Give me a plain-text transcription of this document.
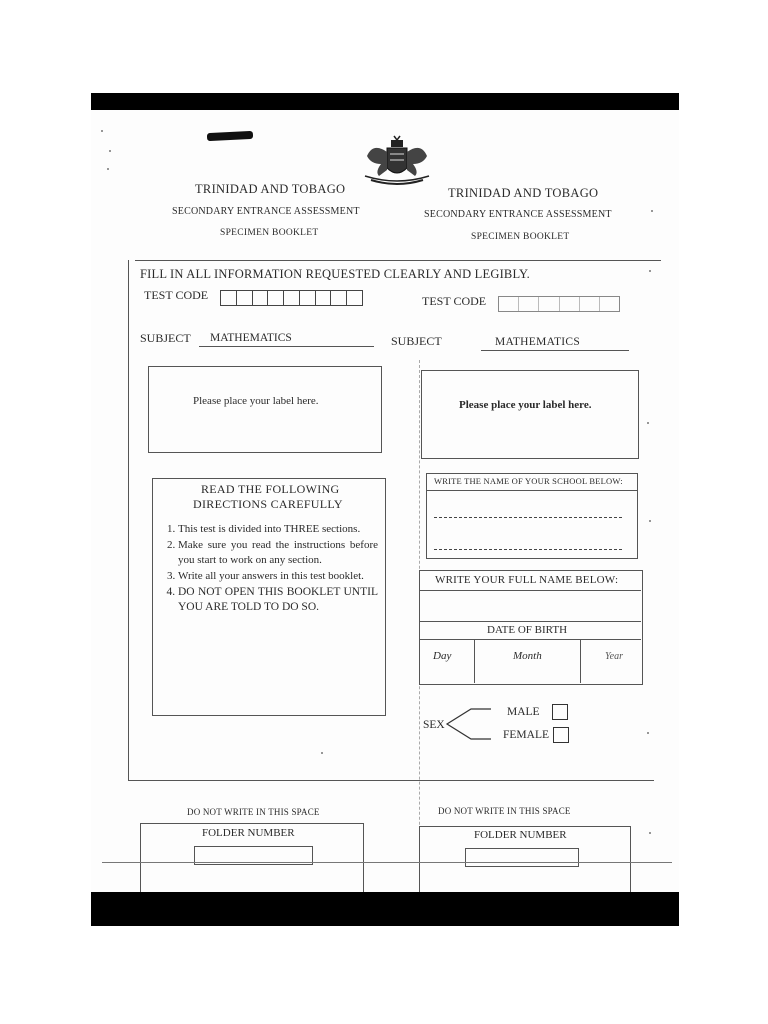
TRINIDAD AND TOBAGO
SECONDARY ENTRANCE ASSESSMENT
SPECIMEN BOOKLET
TRINIDAD AND TOBAGO
SECONDARY ENTRANCE ASSESSMENT
SPECIMEN BOOKLET
FILL IN ALL INFORMATION REQUESTED CLEARLY AND LEGIBLY.
TEST CODE	TEST CODE
SUBJECT MATHEMATICS	SUBJECT	MATHEMATICS
Please place your label here.	Please place your label here.
READ THE FOLLOWING
DIRECTIONS CAREFULLY
1. This test is divided into THREE sections.
2. Make sure you read the instructions before you start to work on any section.
3. Write all your answers in this test booklet.
4. DO NOT OPEN THIS BOOKLET UNTIL YOU ARE TOLD TO DO SO.
WRITE THE NAME OF YOUR SCHOOL BELOW:
WRITE YOUR FULL NAME BELOW:
DATE OF BIRTH
Day	Month	Year
SEX
MALE
FEMALE
DO NOT WRITE IN THIS SPACE	DO NOT WRITE IN THIS SPACE
FOLDER NUMBER	FOLDER NUMBER
